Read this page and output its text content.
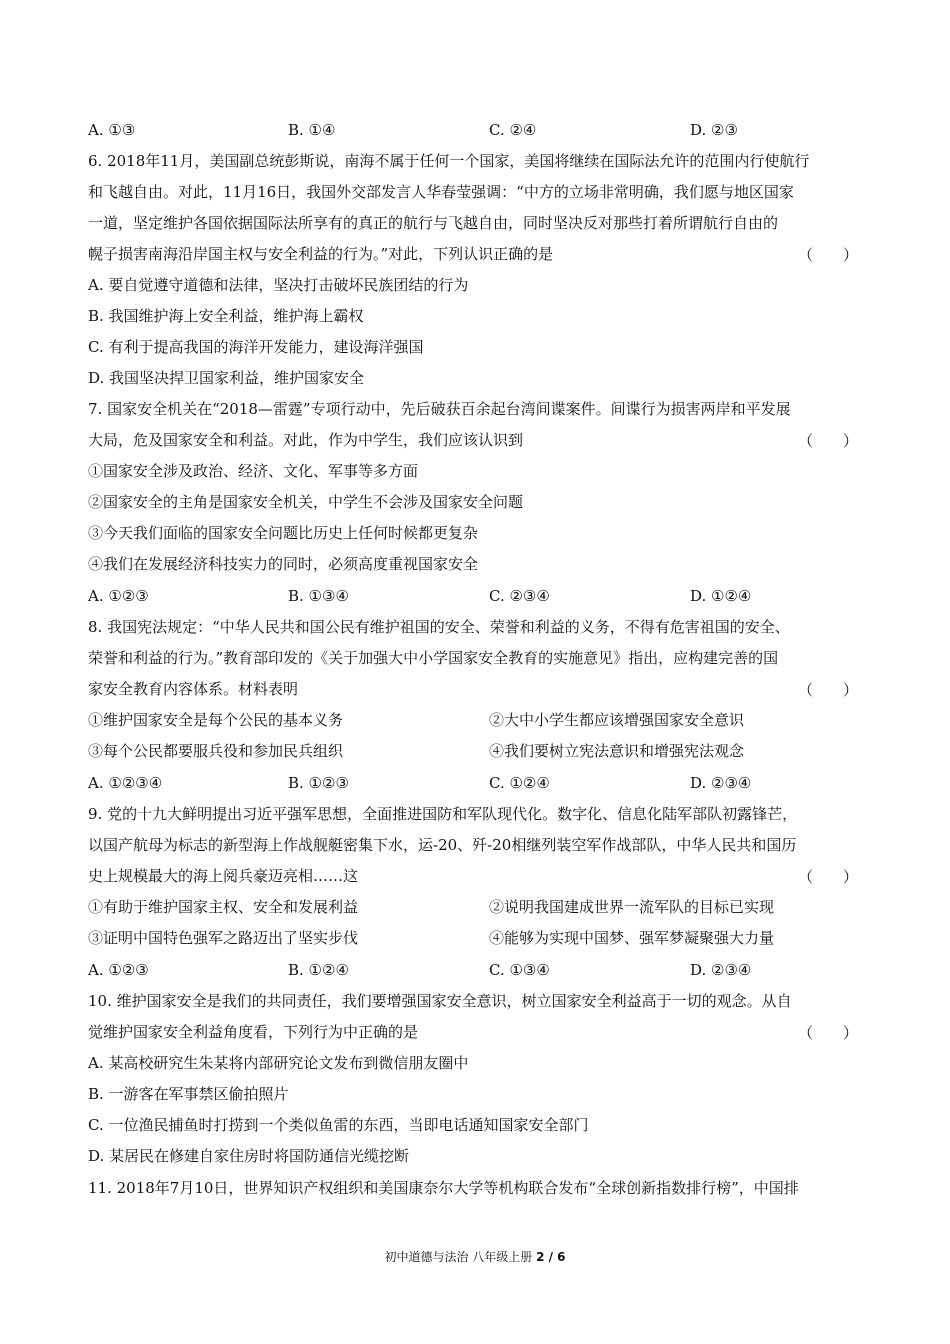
A. ①③	B. ①④	C. ②④	D. ②③
6. 2018年11月，美国副总统彭斯说，南海不属于任何一个国家，美国将继续在国际法允许的范围内行使航行
和飞越自由。对此，11月16日，我国外交部发言人华春莹强调：“中方的立场非常明确，我们愿与地区国家
一道，坚定维护各国依据国际法所享有的真正的航行与飞越自由，同时坚决反对那些打着所谓航行自由的
幌子损害南海沿岸国主权与安全利益的行为。”对此，下列认识正确的是	（　　）
A. 要自觉遵守道德和法律，坚决打击破坏民族团结的行为
B. 我国维护海上安全利益，维护海上霸权
C. 有利于提高我国的海洋开发能力，建设海洋强国
D. 我国坚决捍卫国家利益，维护国家安全
7. 国家安全机关在“2018—雷霆”专项行动中，先后破获百余起台湾间谍案件。间谍行为损害两岸和平发展
大局，危及国家安全和利益。对此，作为中学生，我们应该认识到	（　　）
①国家安全涉及政治、经济、文化、军事等多方面
②国家安全的主角是国家安全机关，中学生不会涉及国家安全问题
③今天我们面临的国家安全问题比历史上任何时候都更复杂
④我们在发展经济科技实力的同时，必须高度重视国家安全
A. ①②③	B. ①③④	C. ②③④	D. ①②④
8. 我国宪法规定：“中华人民共和国公民有维护祖国的安全、荣誉和利益的义务，不得有危害祖国的安全、
荣誉和利益的行为。”教育部印发的《关于加强大中小学国家安全教育的实施意见》指出，应构建完善的国
家安全教育内容体系。材料表明	（　　）
①维护国家安全是每个公民的基本义务	②大中小学生都应该增强国家安全意识
③每个公民都要服兵役和参加民兵组织	④我们要树立宪法意识和增强宪法观念
A. ①②③④	B. ①②③	C. ①②④	D. ②③④
9. 党的十九大鲜明提出习近平强军思想，全面推进国防和军队现代化。数字化、信息化陆军部队初露锋芒，
以国产航母为标志的新型海上作战舰艇密集下水，运-20、歼-20相继列装空军作战部队，中华人民共和国历
史上规模最大的海上阅兵豪迈亮相……这	（　　）
①有助于维护国家主权、安全和发展利益	②说明我国建成世界一流军队的目标已实现
③证明中国特色强军之路迈出了坚实步伐	④能够为实现中国梦、强军梦凝聚强大力量
A. ①②③	B. ①②④	C. ①③④	D. ②③④
10. 维护国家安全是我们的共同责任，我们要增强国家安全意识，树立国家安全利益高于一切的观念。从自
觉维护国家安全利益角度看，下列行为中正确的是	（　　）
A. 某高校研究生朱某将内部研究论文发布到微信朋友圈中
B. 一游客在军事禁区偷拍照片
C. 一位渔民捕鱼时打捞到一个类似鱼雷的东西，当即电话通知国家安全部门
D. 某居民在修建自家住房时将国防通信光缆挖断
11. 2018年7月10日，世界知识产权组织和美国康奈尔大学等机构联合发布“全球创新指数排行榜”，中国排
初中道德与法治 八年级上册 2 / 6
